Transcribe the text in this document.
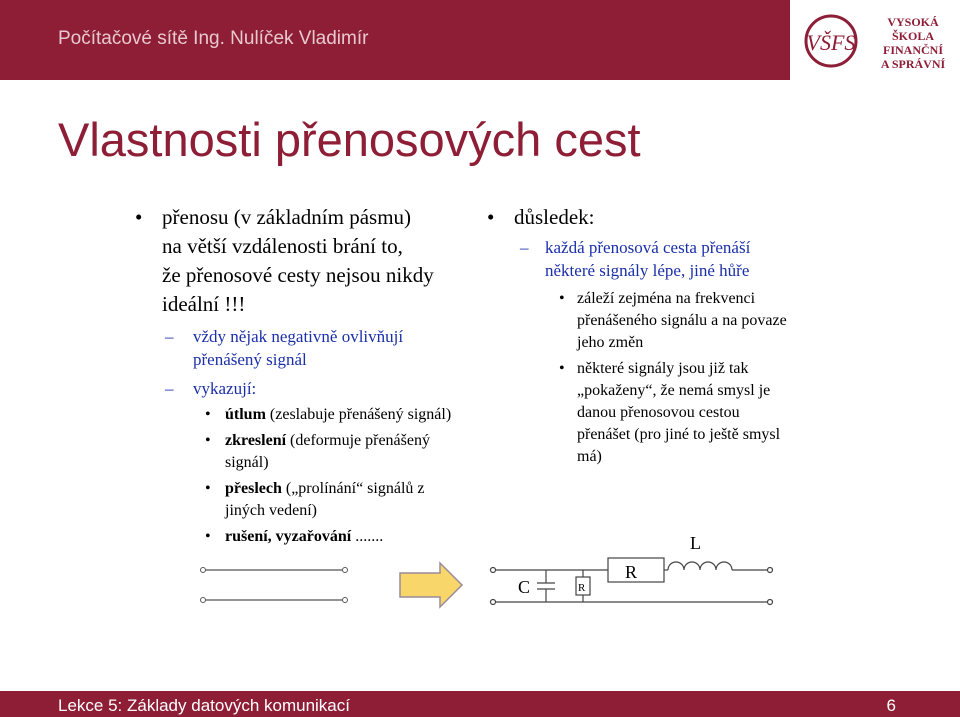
Počítačové sítě Ing. Nulíček Vladimír	VŠFS
VYSOKÁ ŠKOLA
FINANČNÍ
A SPRÁVNÍ
Vlastnosti přenosových cest
• přenosu (v základním pásmu)
na větší vzdálenosti brání to,
že přenosové cesty nejsou nikdy
ideální !!!
– vždy nějak negativně ovlivňují
přenášený signál
– vykazují:
• útlum (zeslabuje přenášený signál)
• zkreslení (deformuje přenášený
signál)
• přeslech („prolínání“ signálů z
jiných vedení)
• rušení, vyzařování .......
• důsledek:
– každá přenosová cesta přenáší
některé signály lépe, jiné hůře
• záleží zejména na frekvenci
přenášeného signálu a na povaze
jeho změn
• některé signály jsou již tak
„pokaženy“, že nemá smysl je
danou přenosovou cestou
přenášet (pro jiné to ještě smysl
má)
C	R
R
L
Lekce 5: Základy datových komunikací	6
